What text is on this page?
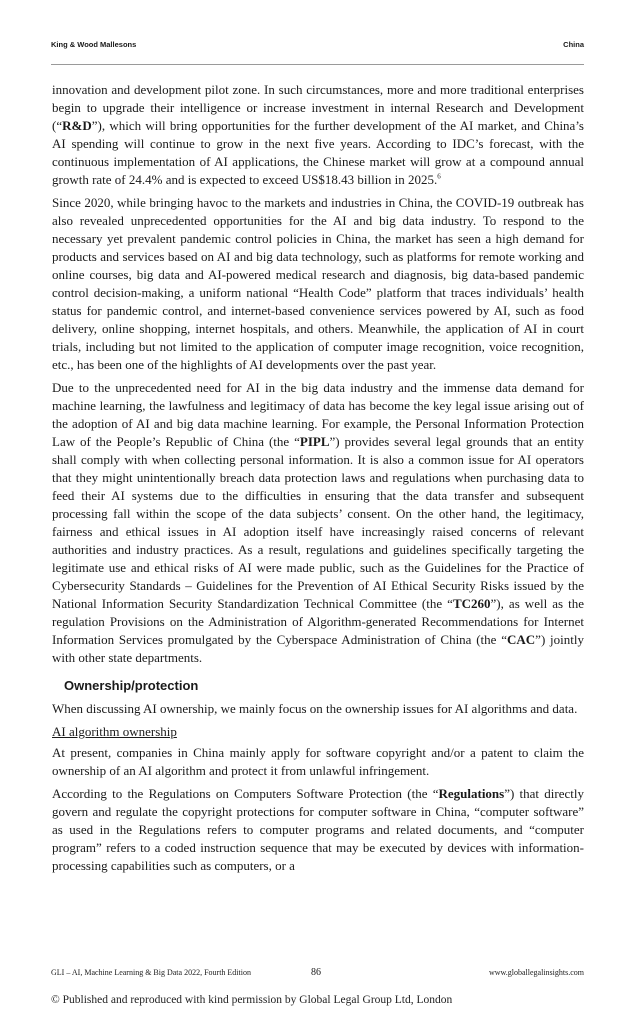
King & Wood Mallesons	China

innovation and development pilot zone. In such circumstances, more and more traditional enterprises begin to upgrade their intelligence or increase investment in internal Research and Development (“R&D”), which will bring opportunities for the further development of the AI market, and China’s AI spending will continue to grow in the next five years. According to IDC’s forecast, with the continuous implementation of AI applications, the Chinese market will grow at a compound annual growth rate of 24.4% and is expected to exceed US$18.43 billion in 2025.$^6$

Since 2020, while bringing havoc to the markets and industries in China, the COVID-19 outbreak has also revealed unprecedented opportunities for the AI and big data industry. To respond to the necessary yet prevalent pandemic control policies in China, the market has seen a high demand for products and services based on AI and big data technology, such as platforms for remote working and online courses, big data and AI-powered medical research and diagnosis, big data-based pandemic control decision-making, a uniform national “Health Code” platform that traces individuals’ health status for pandemic control, and internet-based convenience services powered by AI, such as food delivery, online shopping, internet hospitals, and others. Meanwhile, the application of AI in court trials, including but not limited to the application of computer image recognition, voice recognition, etc., has been one of the highlights of AI developments over the past year.

Due to the unprecedented need for AI in the big data industry and the immense data demand for machine learning, the lawfulness and legitimacy of data has become the key legal issue arising out of the adoption of AI and big data machine learning. For example, the Personal Information Protection Law of the People’s Republic of China (the “PIPL”) provides several legal grounds that an entity shall comply with when collecting personal information. It is also a common issue for AI operators that they might unintentionally breach data protection laws and regulations when purchasing data to feed their AI systems due to the difficulties in ensuring that the data transfer and subsequent processing fall within the scope of the data subjects’ consent. On the other hand, the legitimacy, fairness and ethical issues in AI adoption itself have increasingly raised concerns of relevant authorities and industry practices. As a result, regulations and guidelines specifically targeting the legitimate use and ethical risks of AI were made public, such as the Guidelines for the Practice of Cybersecurity Standards – Guidelines for the Prevention of AI Ethical Security Risks issued by the National Information Security Standardization Technical Committee (the “TC260”), as well as the regulation Provisions on the Administration of Algorithm-generated Recommendations for Internet Information Services promulgated by the Cyberspace Administration of China (the “CAC”) jointly with other state departments.

Ownership/protection

When discussing AI ownership, we mainly focus on the ownership issues for AI algorithms and data.

AI algorithm ownership

At present, companies in China mainly apply for software copyright and/or a patent to claim the ownership of an AI algorithm and protect it from unlawful infringement.

According to the Regulations on Computers Software Protection (the “Regulations”) that directly govern and regulate the copyright protections for computer software in China, “computer software” as used in the Regulations refers to computer programs and related documents, and “computer program” refers to a coded instruction sequence that may be executed by devices with information-processing capabilities such as computers, or a

GLI – AI, Machine Learning & Big Data 2022, Fourth Edition	86	www.globallegalinsights.com
© Published and reproduced with kind permission by Global Legal Group Ltd, London
